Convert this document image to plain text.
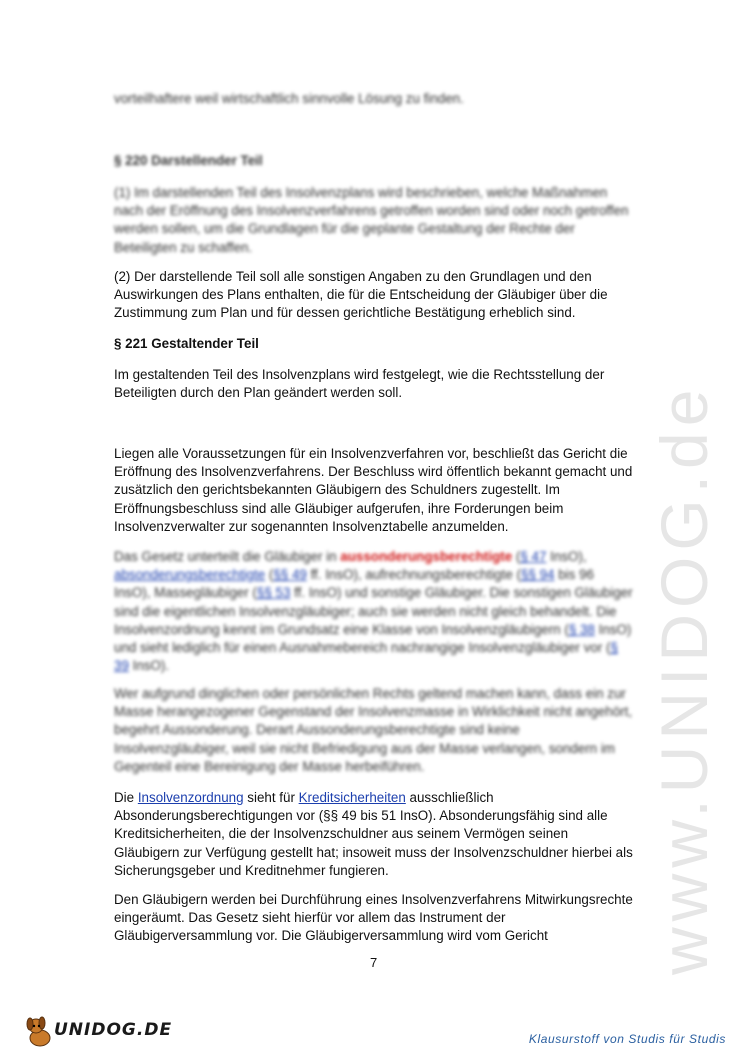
www.UNIDOG.de

vorteilhaftere weil wirtschaftlich sinnvolle Lösung zu finden.

§ 220 Darstellender Teil

(1) Im darstellenden Teil des Insolvenzplans wird beschrieben, welche Maßnahmen nach der Eröffnung des Insolvenzverfahrens getroffen worden sind oder noch getroffen werden sollen, um die Grundlagen für die geplante Gestaltung der Rechte der Beteiligten zu schaffen.

(2) Der darstellende Teil soll alle sonstigen Angaben zu den Grundlagen und den Auswirkungen des Plans enthalten, die für die Entscheidung der Gläubiger über die Zustimmung zum Plan und für dessen gerichtliche Bestätigung erheblich sind.

§ 221 Gestaltender Teil

Im gestaltenden Teil des Insolvenzplans wird festgelegt, wie die Rechtsstellung der Beteiligten durch den Plan geändert werden soll.

Liegen alle Voraussetzungen für ein Insolvenzverfahren vor, beschließt das Gericht die Eröffnung des Insolvenzverfahrens. Der Beschluss wird öffentlich bekannt gemacht und zusätzlich den gerichtsbekannten Gläubigern des Schuldners zugestellt. Im Eröffnungsbeschluss sind alle Gläubiger aufgerufen, ihre Forderungen beim Insolvenzverwalter zur sogenannten Insolvenztabelle anzumelden.

Das Gesetz unterteilt die Gläubiger in aussonderungsberechtigte (§ 47 InsO), absonderungsberechtigte (§§ 49 ff. InsO), aufrechnungsberechtigte (§§ 94 bis 96 InsO), Massegläubiger (§§ 53 ff. InsO) und sonstige Gläubiger. Die sonstigen Gläubiger sind die eigentlichen Insolvenzgläubiger; auch sie werden nicht gleich behandelt. Die Insolvenzordnung kennt im Grundsatz eine Klasse von Insolvenzgläubigern (§ 38 InsO) und sieht lediglich für einen Ausnahmebereich nachrangige Insolvenzgläubiger vor (§ 39 InsO).

Wer aufgrund dinglichen oder persönlichen Rechts geltend machen kann, dass ein zur Masse herangezogener Gegenstand der Insolvenzmasse in Wirklichkeit nicht angehört, begehrt Aussonderung. Derart Aussonderungsberechtigte sind keine Insolvenzgläubiger, weil sie nicht Befriedigung aus der Masse verlangen, sondern im Gegenteil eine Bereinigung der Masse herbeiführen.

Die Insolvenzordnung sieht für Kreditsicherheiten ausschließlich Absonderungsberechtigungen vor (§§ 49 bis 51 InsO). Absonderungsfähig sind alle Kreditsicherheiten, die der Insolvenzschuldner aus seinem Vermögen seinen Gläubigern zur Verfügung gestellt hat; insoweit muss der Insolvenzschuldner hierbei als Sicherungsgeber und Kreditnehmer fungieren.

Den Gläubigern werden bei Durchführung eines Insolvenzverfahrens Mitwirkungsrechte eingeräumt. Das Gesetz sieht hierfür vor allem das Instrument der Gläubigerversammlung vor. Die Gläubigerversammlung wird vom Gericht

7
UNIDOG.DE	Klausurstoff von Studis für Studis
